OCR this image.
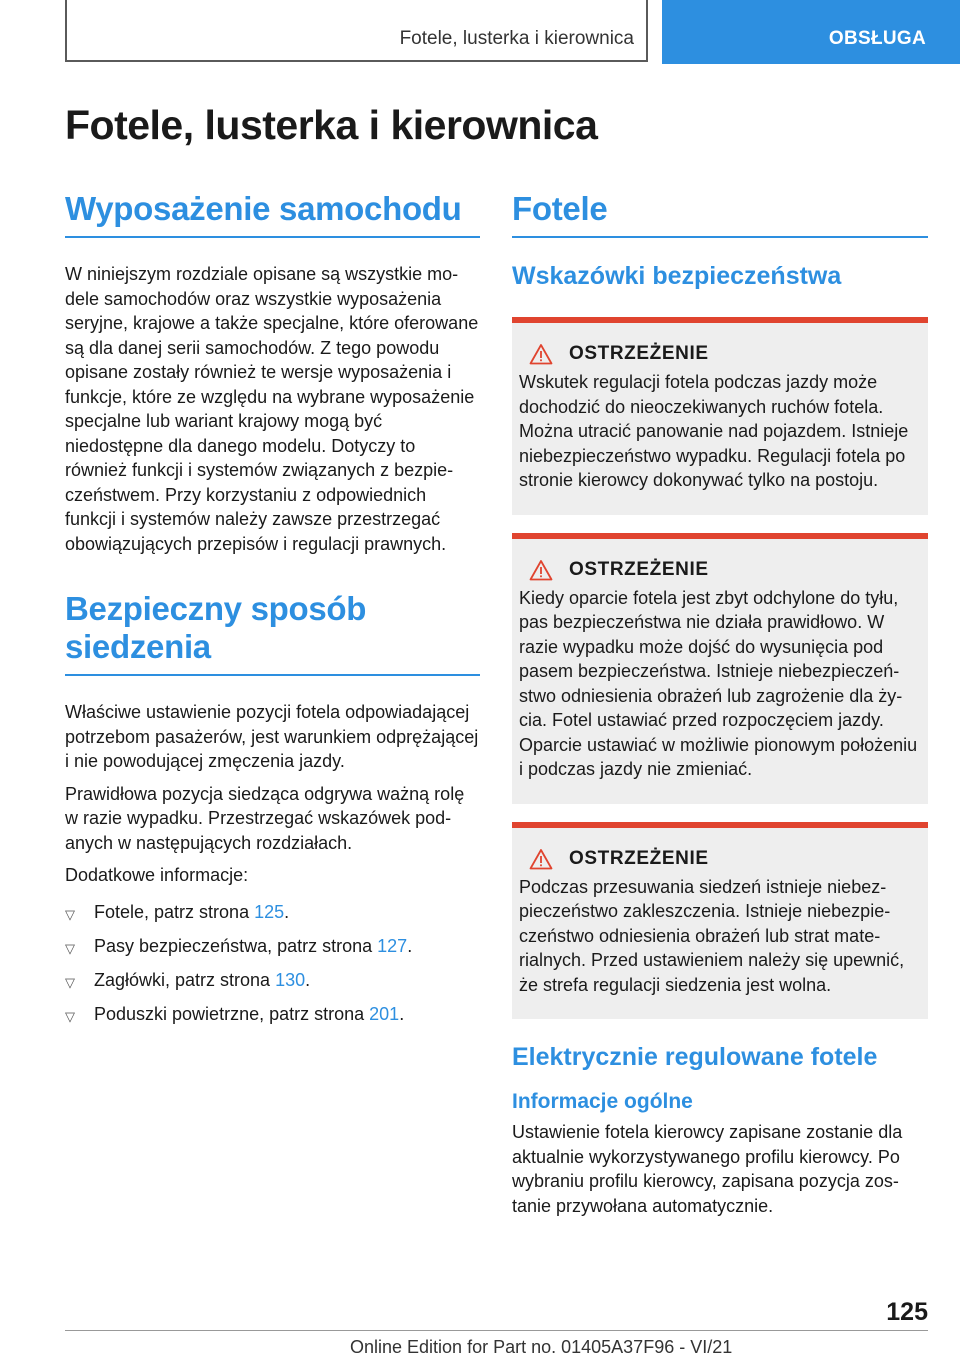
Fotele, lusterka i kierownica	OBSŁUGA
Fotele, lusterka i kierownica
Wyposażenie samochodu

W niniejszym rozdziale opisane są wszystkie modele samochodów oraz wszystkie wyposażenia seryjne, krajowe a także specjalne, które oferowane są dla danej serii samochodów. Z tego powodu opisane zostały również te wersje wyposażenia i funkcje, które ze względu na wybrane wyposażenie specjalne lub wariant krajowy mogą być niedostępne dla danego modelu. Dotyczy to również funkcji i systemów związanych z bezpieczeństwem. Przy korzystaniu z odpowiednich funkcji i systemów należy zawsze przestrzegać obowiązujących przepisów i regulacji prawnych.

Bezpieczny sposób siedzenia

Właściwe ustawienie pozycji fotela odpowiadającej potrzebom pasażerów, jest warunkiem odprężającej i nie powodującej zmęczenia jazdy.

Prawidłowa pozycja siedząca odgrywa ważną rolę w razie wypadku. Przestrzegać wskazówek podanych w następujących rozdziałach.

Dodatkowe informacje:

▽ Fotele, patrz strona 125.
▽ Pasy bezpieczeństwa, patrz strona 127.
▽ Zagłówki, patrz strona 130.
▽ Poduszki powietrzne, patrz strona 201.
Fotele
Wskazówki bezpieczeństwa
OSTRZEŻENIE

Wskutek regulacji fotela podczas jazdy może dochodzić do nieoczekiwanych ruchów fotela. Można utracić panowanie nad pojazdem. Istnieje niebezpieczeństwo wypadku. Regulacji fotela po stronie kierowcy dokonywać tylko na postoju.

OSTRZEŻENIE

Kiedy oparcie fotela jest zbyt odchylone do tyłu, pas bezpieczeństwa nie działa prawidłowo. W razie wypadku może dojść do wysunięcia pod pasem bezpieczeństwa. Istnieje niebezpieczeństwo odniesienia obrażeń lub zagrożenie dla życia. Fotel ustawiać przed rozpoczęciem jazdy. Oparcie ustawiać w możliwie pionowym położeniu i podczas jazdy nie zmieniać.

OSTRZEŻENIE

Podczas przesuwania siedzeń istnieje niebezpieczeństwo zakleszczenia. Istnieje niebezpieczeństwo odniesienia obrażeń lub strat materialnych. Przed ustawieniem należy się upewnić, że strefa regulacji siedzenia jest wolna.

Elektrycznie regulowane fotele
Informacje ogólne

Ustawienie fotela kierowcy zapisane zostanie dla aktualnie wykorzystywanego profilu kierowcy. Po wybraniu profilu kierowcy, zapisana pozycja zostanie przywołana automatycznie.

125
Online Edition for Part no. 01405A37F96 - VI/21
